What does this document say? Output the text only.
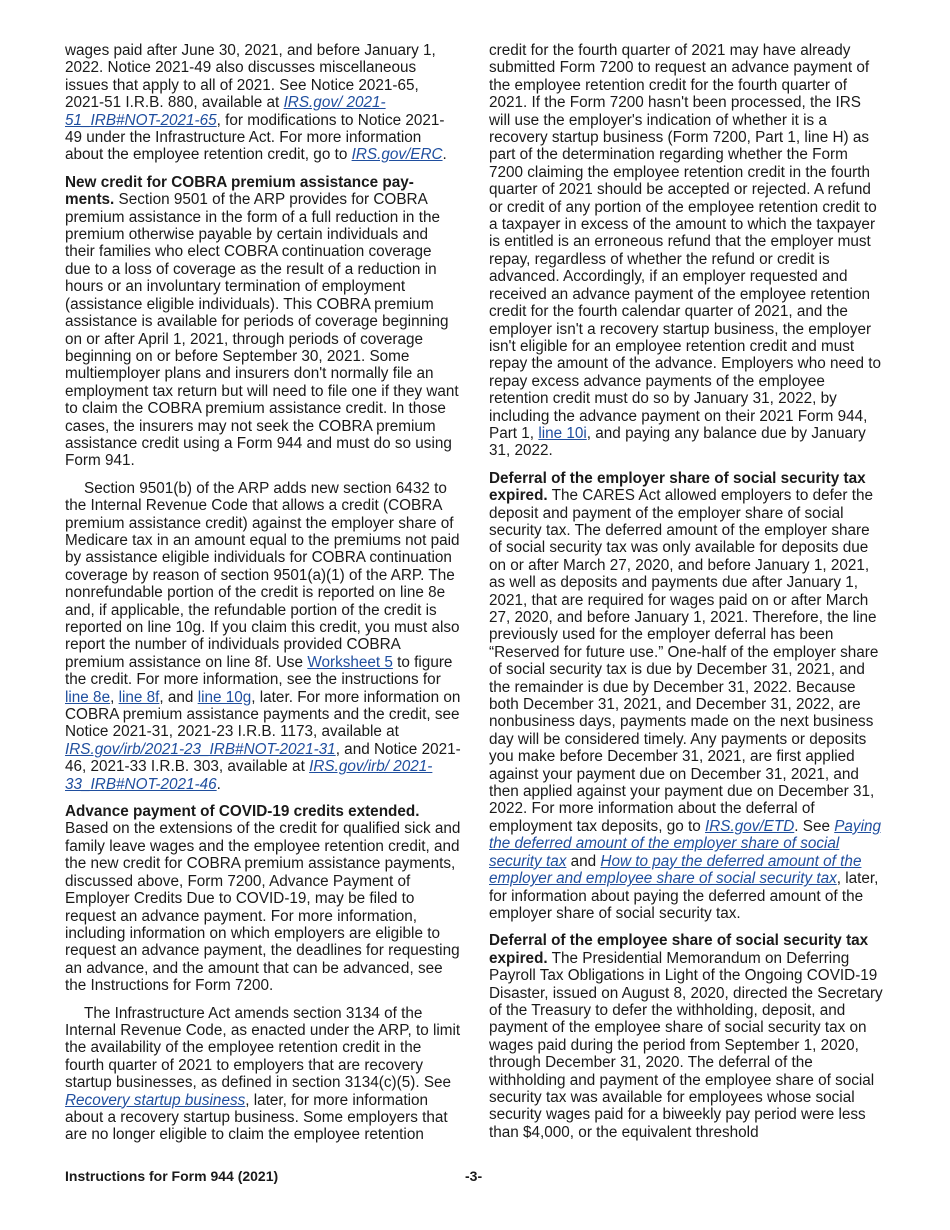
wages paid after June 30, 2021, and before January 1, 2022. Notice 2021-49 also discusses miscellaneous issues that apply to all of 2021. See Notice 2021-65, 2021-51 I.R.B. 880, available at IRS.gov/ 2021-51_IRB#NOT-2021-65, for modifications to Notice 2021-49 under the Infrastructure Act. For more information about the employee retention credit, go to IRS.gov/ERC.

New credit for COBRA premium assistance pay-ments. Section 9501 of the ARP provides for COBRA premium assistance in the form of a full reduction in the premium otherwise payable by certain individuals and their families who elect COBRA continuation coverage due to a loss of coverage as the result of a reduction in hours or an involuntary termination of employment (assistance eligible individuals). This COBRA premium assistance is available for periods of coverage beginning on or after April 1, 2021, through periods of coverage beginning on or before September 30, 2021. Some multiemployer plans and insurers don't normally file an employment tax return but will need to file one if they want to claim the COBRA premium assistance credit. In those cases, the insurers may not seek the COBRA premium assistance credit using a Form 944 and must do so using Form 941.

Section 9501(b) of the ARP adds new section 6432 to the Internal Revenue Code that allows a credit (COBRA premium assistance credit) against the employer share of Medicare tax in an amount equal to the premiums not paid by assistance eligible individuals for COBRA continuation coverage by reason of section 9501(a)(1) of the ARP. The nonrefundable portion of the credit is reported on line 8e and, if applicable, the refundable portion of the credit is reported on line 10g. If you claim this credit, you must also report the number of individuals provided COBRA premium assistance on line 8f. Use Worksheet 5 to figure the credit. For more information, see the instructions for line 8e, line 8f, and line 10g, later. For more information on COBRA premium assistance payments and the credit, see Notice 2021-31, 2021-23 I.R.B. 1173, available at IRS.gov/irb/2021-23_IRB#NOT-2021-31, and Notice 2021-46, 2021-33 I.R.B. 303, available at IRS.gov/irb/ 2021-33_IRB#NOT-2021-46.

Advance payment of COVID-19 credits extended. Based on the extensions of the credit for qualified sick and family leave wages and the employee retention credit, and the new credit for COBRA premium assistance payments, discussed above, Form 7200, Advance Payment of Employer Credits Due to COVID-19, may be filed to request an advance payment. For more information, including information on which employers are eligible to request an advance payment, the deadlines for requesting an advance, and the amount that can be advanced, see the Instructions for Form 7200.

The Infrastructure Act amends section 3134 of the Internal Revenue Code, as enacted under the ARP, to limit the availability of the employee retention credit in the fourth quarter of 2021 to employers that are recovery startup businesses, as defined in section 3134(c)(5). See Recovery startup business, later, for more information about a recovery startup business. Some employers that are no longer eligible to claim the employee retention

credit for the fourth quarter of 2021 may have already submitted Form 7200 to request an advance payment of the employee retention credit for the fourth quarter of 2021. If the Form 7200 hasn't been processed, the IRS will use the employer's indication of whether it is a recovery startup business (Form 7200, Part 1, line H) as part of the determination regarding whether the Form 7200 claiming the employee retention credit in the fourth quarter of 2021 should be accepted or rejected. A refund or credit of any portion of the employee retention credit to a taxpayer in excess of the amount to which the taxpayer is entitled is an erroneous refund that the employer must repay, regardless of whether the refund or credit is advanced. Accordingly, if an employer requested and received an advance payment of the employee retention credit for the fourth calendar quarter of 2021, and the employer isn't a recovery startup business, the employer isn't eligible for an employee retention credit and must repay the amount of the advance. Employers who need to repay excess advance payments of the employee retention credit must do so by January 31, 2022, by including the advance payment on their 2021 Form 944, Part 1, line 10i, and paying any balance due by January 31, 2022.

Deferral of the employer share of social security tax expired. The CARES Act allowed employers to defer the deposit and payment of the employer share of social security tax. The deferred amount of the employer share of social security tax was only available for deposits due on or after March 27, 2020, and before January 1, 2021, as well as deposits and payments due after January 1, 2021, that are required for wages paid on or after March 27, 2020, and before January 1, 2021. Therefore, the line previously used for the employer deferral has been “Reserved for future use.” One-half of the employer share of social security tax is due by December 31, 2021, and the remainder is due by December 31, 2022. Because both December 31, 2021, and December 31, 2022, are nonbusiness days, payments made on the next business day will be considered timely. Any payments or deposits you make before December 31, 2021, are first applied against your payment due on December 31, 2021, and then applied against your payment due on December 31, 2022. For more information about the deferral of employment tax deposits, go to IRS.gov/ETD. See Paying the deferred amount of the employer share of social security tax and How to pay the deferred amount of the employer and employee share of social security tax, later, for information about paying the deferred amount of the employer share of social security tax.

Deferral of the employee share of social security tax expired. The Presidential Memorandum on Deferring Payroll Tax Obligations in Light of the Ongoing COVID-19 Disaster, issued on August 8, 2020, directed the Secretary of the Treasury to defer the withholding, deposit, and payment of the employee share of social security tax on wages paid during the period from September 1, 2020, through December 31, 2020. The deferral of the withholding and payment of the employee share of social security tax was available for employees whose social security wages paid for a biweekly pay period were less than $4,000, or the equivalent threshold

Instructions for Form 944 (2021)	-3-
